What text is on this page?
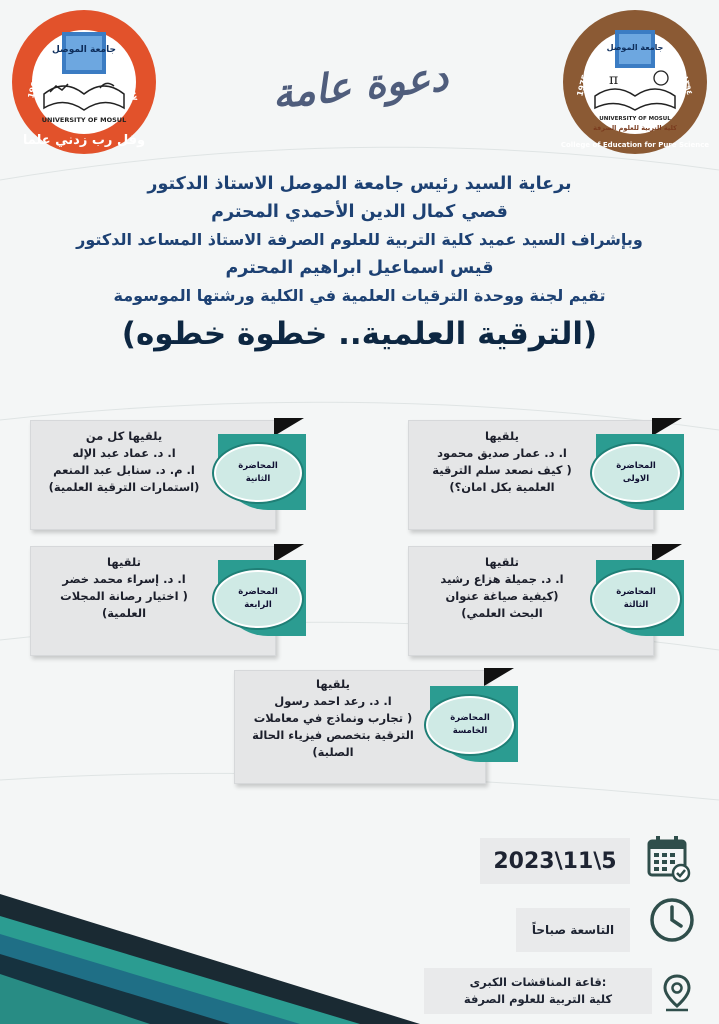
جامعة الموصل
UNIVERSITY OF MOSUL
وقل رب زدني علما
١٣٨٧
1967
جامعة الموصل
π
UNIVERSITY OF MOSUL
كلية التربية للعلوم الصرفة
College of Education for Pure Science
1975	١٣٩٤
دعوة عامة
برعاية السيد رئيس جامعة الموصل الاستاذ الدكتور
قصي كمال الدين الأحمدي المحترم
وبإشراف السيد عميد كلية التربية للعلوم الصرفة الاستاذ المساعد الدكتور
قيس اسماعيل ابراهيم المحترم
تقيم لجنة ووحدة الترقيات العلمية في الكلية ورشتها الموسومة
(الترقية العلمية.. خطوة خطوه)
المحاضرة
الاولى
يلقيها
ا. د. عمار صديق محمود
( كيف نصعد سلم الترقية
العلمية بكل امان؟)
المحاضرة
الثانية
يلقيها كل من
ا. د. عماد عبد الإله
ا. م. د. سنابل عبد المنعم
(استمارات الترقية العلمية)
المحاضرة
الثالثة
تلقيها
ا. د. جميلة هزاع رشيد
(كيفية صياغة عنوان
البحث العلمي)
المحاضرة
الرابعة
تلقيها
ا. د. إسراء محمد خضر
( اختيار رصانة المجلات
العلمية)
المحاضرة
الخامسة
يلقيها
ا. د. رعد احمد رسول
( تجارب ونماذج في معاملات
الترقية بتخصص فيزياء الحالة
الصلبة)
2023\11\5
التاسعة صباحاً
قاعة المناقشات الكبرى:
كلية التربية للعلوم الصرفة
